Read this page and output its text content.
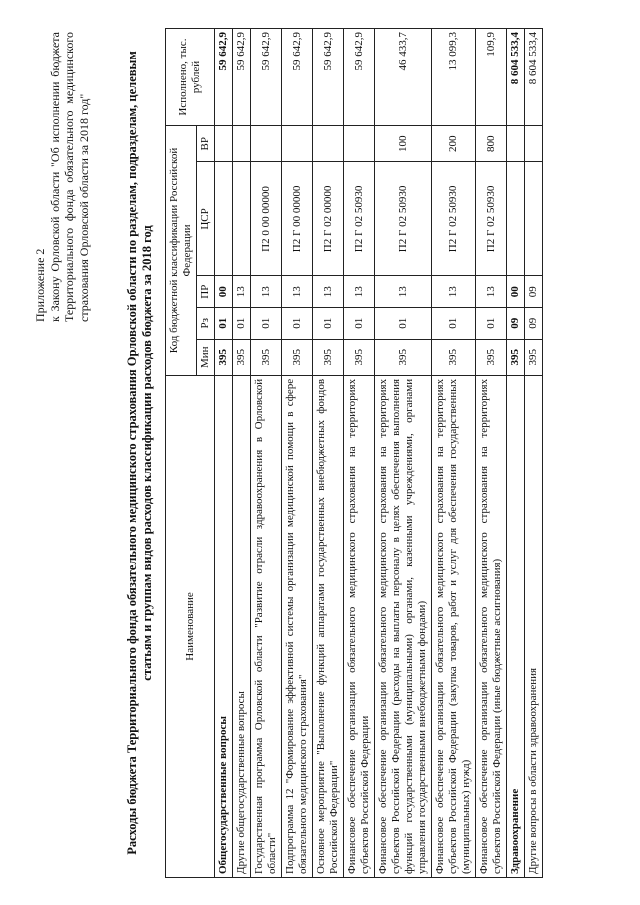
Приложение 2 к Закону Орловской области "Об исполнении бюджета Территориального фонда обязательного медицинского страхования Орловской области за 2018 год"	Расходы бюджета Территориального фонда обязательного медицинского страхования Орловской области по разделам, подразделам, целевым статьям и группам видов расходов классификации расходов бюджета за 2018 год	Наименование	Код бюджетной классификации Российской Федерации					Исполнено, тыс. рублей
	Мин	Рз	ПР	ЦСР	ВР	
Общегосударственные вопросы	395	01	00			59 642,9
Другие общегосударственные вопросы	395	01	13			59 642,9
Государственная программа Орловской области "Развитие отрасли здравоохранения в Орловской области"	395	01	13	П2 0 00 00000		59 642,9
Подпрограмма 12 "Формирование эффективной системы организации медицинской помощи в сфере обязательного медицинского страхования"	395	01	13	П2 Г 00 00000		59 642,9
Основное мероприятие "Выполнение функций аппаратами государственных внебюджетных фондов Российской Федерации"	395	01	13	П2 Г 02 00000		59 642,9
Финансовое обеспечение организации обязательного медицинского страхования на территориях субъектов Российской Федерации	395	01	13	П2 Г 02 50930		59 642,9
Финансовое обеспечение организации обязательного медицинского страхования на территориях субъектов Российской Федерации (расходы на выплаты персоналу в целях обеспечения выполнения функций государственными (муниципальными) органами, казенными учреждениями, органами управления государственными внебюджетными фондами)	395	01	13	П2 Г 02 50930	100	46 433,7
Финансовое обеспечение организации обязательного медицинского страхования на территориях субъектов Российской Федерации (закупка товаров, работ и услуг для обеспечения государственных (муниципальных) нужд)	395	01	13	П2 Г 02 50930	200	13 099,3
Финансовое обеспечение организации обязательного медицинского страхования на территориях субъектов Российской Федерации (иные бюджетные ассигнования)	395	01	13	П2 Г 02 50930	800	109,9
Здравоохранение	395	09	00			8 604 533,4
Другие вопросы в области здравоохранения	395	09	09			8 604 533,4
